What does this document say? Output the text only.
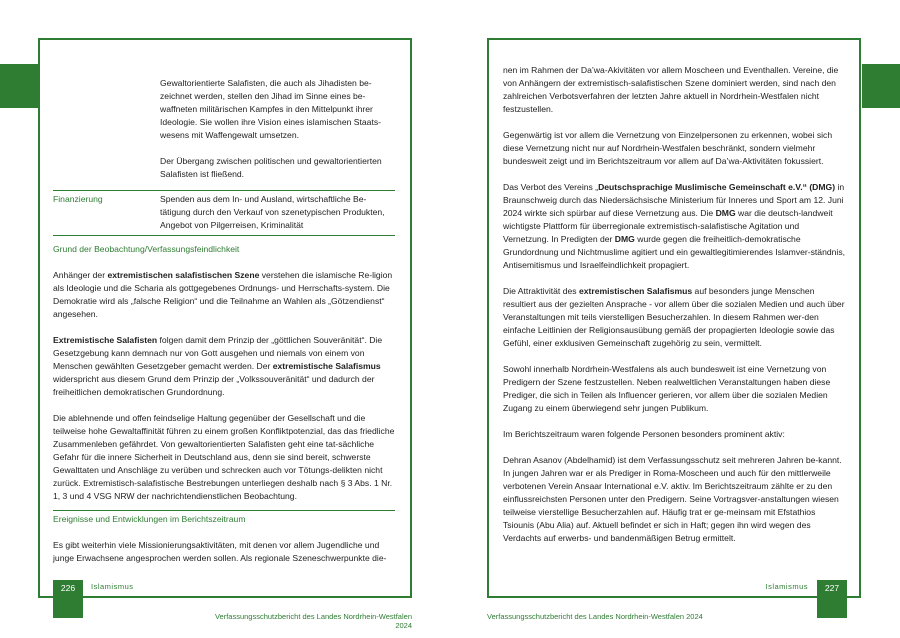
Gewaltorientierte Salafisten, die auch als Jihadisten be-zeichnet werden, stellen den Jihad im Sinne eines be-waffneten militärischen Kampfes in den Mittelpunkt ihrer Ideologie. Sie wollen ihre Vision eines islamischen Staats-wesens mit Waffengewalt umsetzen.

Der Übergang zwischen politischen und gewaltorientierten Salafisten ist fließend.

Finanzierung	Spenden aus dem In- und Ausland, wirtschaftliche Be-tätigung durch den Verkauf von szenetypischen Produkten, Angebot von Pilgerreisen, Kriminalität
Grund der Beobachtung/Verfassungsfeindlichkeit

Anhänger der extremistischen salafistischen Szene verstehen die islamische Re-ligion als Ideologie und die Scharia als gottgegebenes Ordnungs- und Herrschafts-system. Die Demokratie wird als „falsche Religion“ und die Teilnahme an Wahlen als „Götzendienst“ angesehen.

Extremistische Salafisten folgen damit dem Prinzip der „göttlichen Souveränität“. Die Gesetzgebung kann demnach nur von Gott ausgehen und niemals von einem von Menschen gewählten Gesetzgeber gemacht werden. Der extremistische Salafismus widerspricht aus diesem Grund dem Prinzip der „Volkssouveränität“ und dadurch der freiheitlichen demokratischen Grundordnung.

Die ablehnende und offen feindselige Haltung gegenüber der Gesellschaft und die teilweise hohe Gewaltaffinität führen zu einem großen Konfliktpotenzial, das das friedliche Zusammenleben gefährdet. Von gewaltorientierten Salafisten geht eine tat-sächliche Gefahr für die innere Sicherheit in Deutschland aus, denn sie sind bereit, schwerste Gewalttaten und Anschläge zu verüben und schrecken auch vor Tötungs-delikten nicht zurück. Extremistisch-salafistische Bestrebungen unterliegen deshalb nach § 3 Abs. 1 Nr. 1, 3 und 4 VSG NRW der nachrichtendienstlichen Beobachtung.

Ereignisse und Entwicklungen im Berichtszeitraum
Es gibt weiterhin viele Missionierungsaktivitäten, mit denen vor allem Jugendliche und junge Erwachsene angesprochen werden sollen. Als regionale Szeneschwerpunkte die-
226	Islamismus
Verfassungsschutzbericht des Landes Nordrhein-Westfalen 2024

nen im Rahmen der Da’wa-Akivitäten vor allem Moscheen und Eventhallen. Vereine, die von Anhängern der extremistisch-salafistischen Szene dominiert werden, sind nach den zahlreichen Verbotsverfahren der letzten Jahre aktuell in Nordrhein-Westfalen nicht festzustellen.

Gegenwärtig ist vor allem die Vernetzung von Einzelpersonen zu erkennen, wobei sich diese Vernetzung nicht nur auf Nordrhein-Westfalen beschränkt, sondern vielmehr bundesweit zeigt und im Berichtszeitraum vor allem auf Da’wa-Aktivitäten fokussiert.

Das Verbot des Vereins „Deutschsprachige Muslimische Gemeinschaft e.V.“ (DMG) in Braunschweig durch das Niedersächsische Ministerium für Inneres und Sport am 12. Juni 2024 wirkte sich spürbar auf diese Vernetzung aus. Die DMG war die deutsch-landweit wichtigste Plattform für überregionale extremistisch-salafistische Agitation und Vernetzung. In Predigten der DMG wurde gegen die freiheitlich-demokratische Grundordnung und Nichtmuslime agitiert und ein gewaltlegitimierendes Islamver-ständnis, Antisemitismus und Israelfeindlichkeit propagiert.

Die Attraktivität des extremistischen Salafismus auf besonders junge Menschen resultiert aus der gezielten Ansprache - vor allem über die sozialen Medien und auch über Veranstaltungen mit teils vierstelligen Besucherzahlen. In diesem Rahmen wer-den einfache Leitlinien der Religionsausübung gemäß der propagierten Ideologie sowie das Gefühl, einer exklusiven Gemeinschaft zugehörig zu sein, vermittelt.

Sowohl innerhalb Nordrhein-Westfalens als auch bundesweit ist eine Vernetzung von Predigern der Szene festzustellen. Neben realweltlichen Veranstaltungen haben diese Prediger, die sich in Teilen als Influencer gerieren, vor allem über die sozialen Medien Zugang zu einem überwiegend sehr jungen Publikum.

Im Berichtszeitraum waren folgende Personen besonders prominent aktiv:

Dehran Asanov (Abdelhamid) ist dem Verfassungsschutz seit mehreren Jahren be-kannt. In jungen Jahren war er als Prediger in Roma-Moscheen und auch für den mittlerweile verbotenen Verein Ansaar International e.V. aktiv. Im Berichtszeitraum zählte er zu den einflussreichsten Personen unter den Predigern. Seine Vortragsver-anstaltungen wiesen teilweise vierstellige Besucherzahlen auf. Häufig trat er ge-meinsam mit Efstathios Tsiounis (Abu Alia) auf. Aktuell befindet er sich in Haft; gegen ihn wird wegen des Verdachts auf erwerbs- und bandenmäßigen Betrug ermittelt.

Islamismus	227
Verfassungsschutzbericht des Landes Nordrhein-Westfalen 2024
